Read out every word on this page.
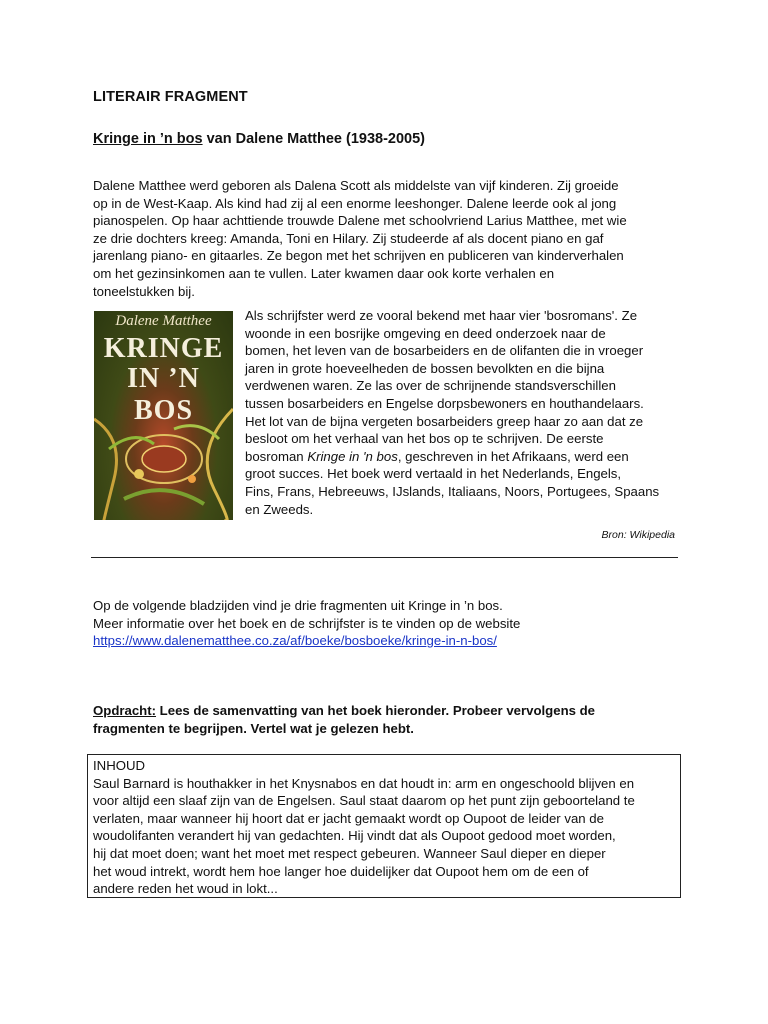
LITERAIR FRAGMENT
Kringe in ’n bos van Dalene Matthee (1938-2005)
Dalene Matthee werd geboren als Dalena Scott als middelste van vijf kinderen. Zij groeide
op in de West-Kaap. Als kind had zij al een enorme leeshonger. Dalene leerde ook al jong
pianospelen. Op haar achttiende trouwde Dalene met schoolvriend Larius Matthee, met wie
ze drie dochters kreeg: Amanda, Toni en Hilary. Zij studeerde af als docent piano en gaf
jarenlang piano- en gitaarles. Ze begon met het schrijven en publiceren van kinderverhalen
om het gezinsinkomen aan te vullen. Later kwamen daar ook korte verhalen en
toneelstukken bij.
Dalene Matthee
KRINGE
IN ’N BOS
Als schrijfster werd ze vooral bekend met haar vier 'bosromans'. Ze
woonde in een bosrijke omgeving en deed onderzoek naar de
bomen, het leven van de bosarbeiders en de olifanten die in vroeger
jaren in grote hoeveelheden de bossen bevolkten en die bijna
verdwenen waren. Ze las over de schrijnende standsverschillen
tussen bosarbeiders en Engelse dorpsbewoners en houthandelaars.
Het lot van de bijna vergeten bosarbeiders greep haar zo aan dat ze
besloot om het verhaal van het bos op te schrijven. De eerste
bosroman Kringe in 'n bos, geschreven in het Afrikaans, werd een
groot succes. Het boek werd vertaald in het Nederlands, Engels,
Fins, Frans, Hebreeuws, IJslands, Italiaans, Noors, Portugees, Spaans
en Zweeds.
Bron: Wikipedia
Op de volgende bladzijden vind je drie fragmenten uit Kringe in ’n bos.
Meer informatie over het boek en de schrijfster is te vinden op de website
https://www.dalenematthee.co.za/af/boeke/bosboeke/kringe-in-n-bos/
Opdracht: Lees de samenvatting van het boek hieronder. Probeer vervolgens de
fragmenten te begrijpen. Vertel wat je gelezen hebt.
INHOUD
Saul Barnard is houthakker in het Knysnabos en dat houdt in: arm en ongeschoold blijven en
voor altijd een slaaf zijn van de Engelsen. Saul staat daarom op het punt zijn geboorteland te
verlaten, maar wanneer hij hoort dat er jacht gemaakt wordt op Oupoot de leider van de
woudolifanten verandert hij van gedachten. Hij vindt dat als Oupoot gedood moet worden,
hij dat moet doen; want het moet met respect gebeuren. Wanneer Saul dieper en dieper
het woud intrekt, wordt hem hoe langer hoe duidelijker dat Oupoot hem om de een of
andere reden het woud in lokt...
